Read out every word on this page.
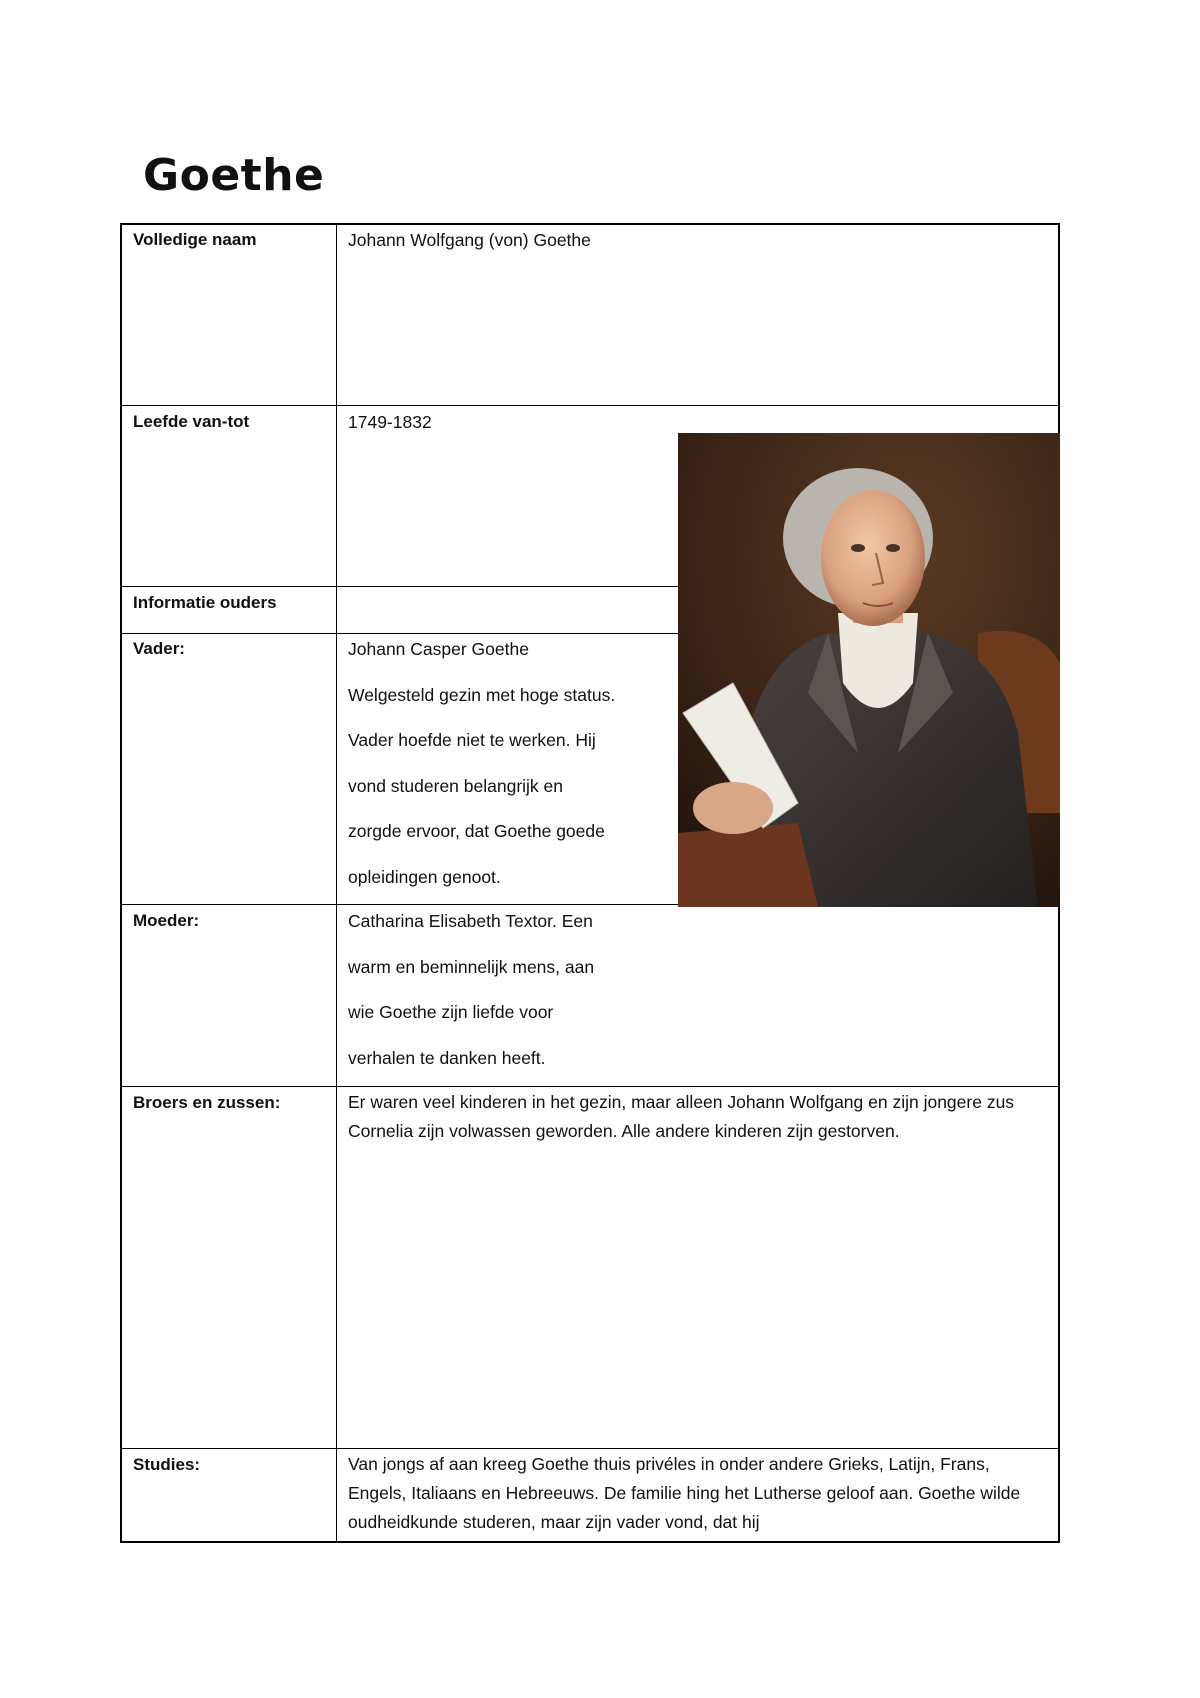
Goethe
Volledige naam	Johann Wolfgang (von) Goethe
Leefde van-tot	1749-1832
Informatie ouders
Vader:	Johann Casper Goethe
Welgesteld gezin met hoge status.
Vader hoefde niet te werken. Hij
vond studeren belangrijk en
zorgde ervoor, dat Goethe goede
opleidingen genoot.
Moeder:	Catharina Elisabeth Textor. Een
warm en beminnelijk mens, aan
wie Goethe zijn liefde voor
verhalen te danken heeft.
Broers en zussen:	Er waren veel kinderen in het gezin, maar alleen Johann Wolfgang en zijn jongere zus Cornelia zijn volwassen geworden. Alle andere kinderen zijn gestorven.
Studies:	Van jongs af aan kreeg Goethe thuis privéles in onder andere Grieks, Latijn, Frans, Engels, Italiaans en Hebreeuws. De familie hing het Lutherse geloof aan. Goethe wilde oudheidkunde studeren, maar zijn vader vond, dat hij
